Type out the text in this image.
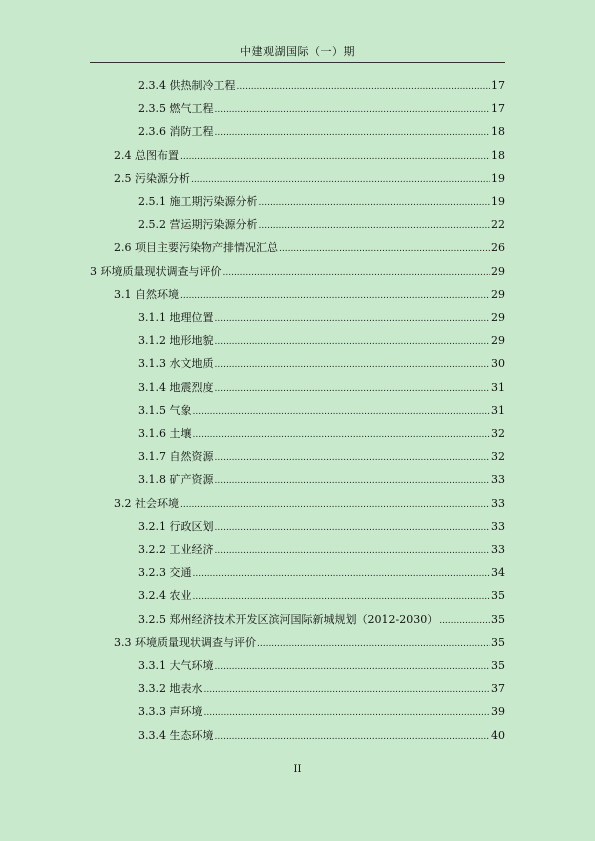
中建观湖国际（一）期
2.3.4 供热制冷工程 .....	17
2.3.5 燃气工程 .....	17
2.3.6 消防工程 .....	18
2.4 总图布置 .....	18
2.5 污染源分析 .....	19
2.5.1 施工期污染源分析 .....	19
2.5.2 营运期污染源分析 .....	22
2.6 项目主要污染物产排情况汇总 .....	26
3 环境质量现状调查与评价 .....	29
3.1 自然环境 .....	29
3.1.1 地理位置 .....	29
3.1.2 地形地貌 .....	29
3.1.3 水文地质 .....	30
3.1.4 地震烈度 .....	31
3.1.5 气象 .....	31
3.1.6 土壤 .....	32
3.1.7 自然资源 .....	32
3.1.8 矿产资源 .....	33
3.2 社会环境 .....	33
3.2.1 行政区划 .....	33
3.2.2 工业经济 .....	33
3.2.3 交通 .....	34
3.2.4 农业 .....	35
3.2.5 郑州经济技术开发区滨河国际新城规划（2012-2030） .....	35
3.3 环境质量现状调查与评价 .....	35
3.3.1 大气环境 .....	35
3.3.2 地表水 .....	37
3.3.3 声环境 .....	39
3.3.4 生态环境 .....	40
II
